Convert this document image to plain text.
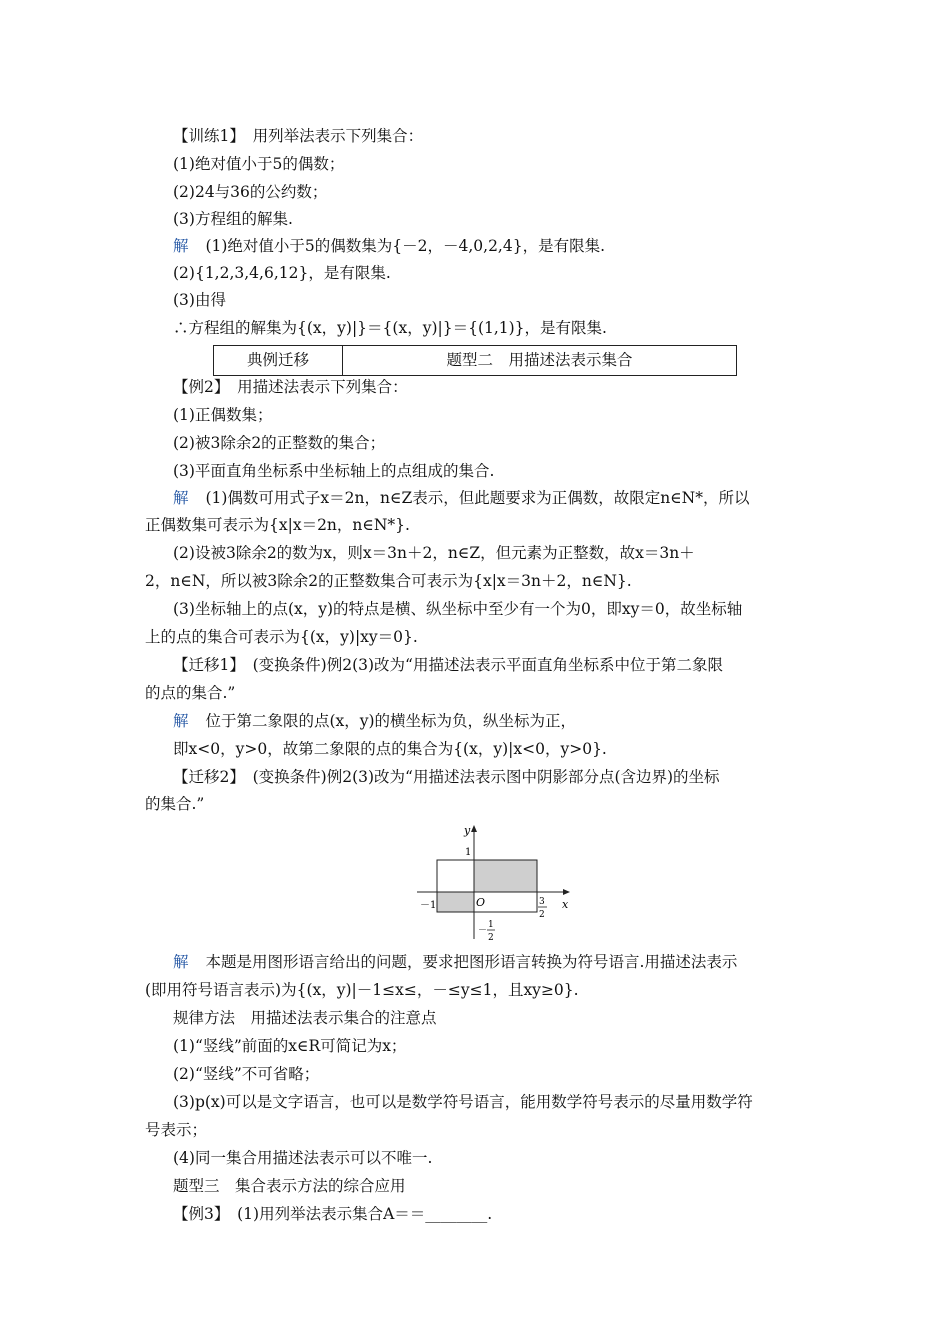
【训练1】　用列举法表示下列集合：
(1)绝对值小于5的偶数；
(2)24与36的公约数；
(3)方程组的解集.
解 (1)绝对值小于5的偶数集为{－2，－4,0,2,4}，是有限集.
(2){1,2,3,4,6,12}，是有限集.
(3)由得
∴方程组的解集为{(x，y)|}＝{(x，y)|}＝{(1,1)}，是有限集.
典例迁移	题型二　用描述法表示集合
【例2】　用描述法表示下列集合：
(1)正偶数集；
(2)被3除余2的正整数的集合；
(3)平面直角坐标系中坐标轴上的点组成的集合.
解 (1)偶数可用式子x＝2n，n∈Z表示，但此题要求为正偶数，故限定n∈N*，所以
正偶数集可表示为{x|x＝2n，n∈N*}.
(2)设被3除余2的数为x，则x＝3n＋2，n∈Z，但元素为正整数，故x＝3n＋
2，n∈N，所以被3除余2的正整数集合可表示为{x|x＝3n＋2，n∈N}.
(3)坐标轴上的点(x，y)的特点是横、纵坐标中至少有一个为0，即xy＝0，故坐标轴
上的点的集合可表示为{(x，y)|xy＝0}.
【迁移1】　(变换条件)例2(3)改为“用描述法表示平面直角坐标系中位于第二象限
的点的集合.”
解 位于第二象限的点(x，y)的横坐标为负，纵坐标为正，
即x<0，y>0，故第二象限的点的集合为{(x，y)|x<0，y>0}.
【迁移2】　(变换条件)例2(3)改为“用描述法表示图中阴影部分点(含边界)的坐标
的集合.”
y
x
O
1
－1	3
2
－
1
2
解 本题是用图形语言给出的问题，要求把图形语言转换为符号语言.用描述法表示
(即用符号语言表示)为{(x，y)|－1≤x≤，－≤y≤1，且xy≥0}.
规律方法　用描述法表示集合的注意点
(1)“竖线”前面的x∈R可简记为x；
(2)“竖线”不可省略；
(3)p(x)可以是文字语言，也可以是数学符号语言，能用数学符号表示的尽量用数学符
号表示；
(4)同一集合用描述法表示可以不唯一.
题型三　集合表示方法的综合应用
【例3】　(1)用列举法表示集合A＝＝________.
